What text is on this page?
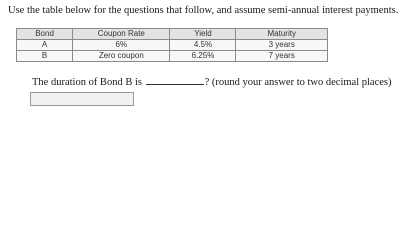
Use the table below for the questions that follow, and assume semi-annual interest payments.
Bond	Coupon Rate	Yield	Maturity
A	6%	4.5%	3 years
B	Zero coupon	6.25%	7 years
The duration of Bond B is	? (round your answer to two decimal places)
